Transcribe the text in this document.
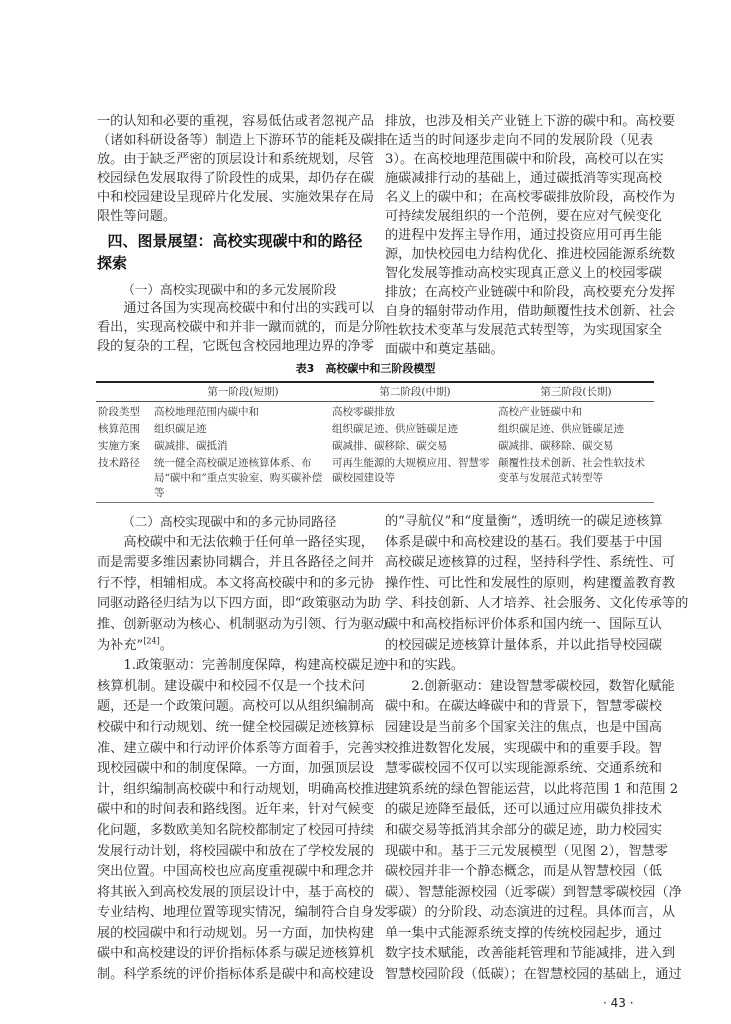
一的认知和必要的重视，容易低估或者忽视产品
（诸如科研设备等）制造上下游环节的能耗及碳排
放。由于缺乏严密的顶层设计和系统规划，尽管
校园绿色发展取得了阶段性的成果，却仍存在碳
中和校园建设呈现碎片化发展、实施效果存在局
限性等问题。
四、图景展望：高校实现碳中和的路径
探索
（一）高校实现碳中和的多元发展阶段
通过各国为实现高校碳中和付出的实践可以
看出，实现高校碳中和并非一蹴而就的，而是分阶
段的复杂的工程，它既包含校园地理边界的净零
排放，也涉及相关产业链上下游的碳中和。高校要
在适当的时间逐步走向不同的发展阶段（见表
3）。在高校地理范围碳中和阶段，高校可以在实
施碳减排行动的基础上，通过碳抵消等实现高校
名义上的碳中和；在高校零碳排放阶段，高校作为
可持续发展组织的一个范例，要在应对气候变化
的进程中发挥主导作用，通过投资应用可再生能
源，加快校园电力结构优化、推进校园能源系统数
智化发展等推动高校实现真正意义上的校园零碳
排放；在高校产业链碳中和阶段，高校要充分发挥
自身的辐射带动作用，借助颠覆性技术创新、社会
性软技术变革与发展范式转型等，为实现国家全
面碳中和奠定基础。
表3　高校碳中和三阶段模型
	第一阶段(短期)	第二阶段(中期)	第三阶段(长期)
阶段类型	高校地理范围内碳中和	高校零碳排放	高校产业链碳中和
核算范围	组织碳足迹	组织碳足迹、供应链碳足迹	组织碳足迹、供应链碳足迹
实施方案	碳减排、碳抵消	碳减排、碳移除、碳交易	碳减排、碳移除、碳交易
技术路径	统一健全高校碳足迹核算体系、布局“碳中和”重点实验室、购买碳补偿等	可再生能源的大规模应用、智慧零碳校园建设等	颠覆性技术创新、社会性软技术变革与发展范式转型等
（二）高校实现碳中和的多元协同路径
高校碳中和无法依赖于任何单一路径实现，
而是需要多维因素协同耦合，并且各路径之间并
行不悖，相辅相成。本文将高校碳中和的多元协
同驱动路径归结为以下四方面，即“政策驱动为助
推、创新驱动为核心、机制驱动为引领、行为驱动
为补充”[24]。
1.政策驱动：完善制度保障，构建高校碳足迹
核算机制。建设碳中和校园不仅是一个技术问
题，还是一个政策问题。高校可以从组织编制高
校碳中和行动规划、统一健全校园碳足迹核算标
准、建立碳中和行动评价体系等方面着手，完善实
现校园碳中和的制度保障。一方面，加强顶层设
计，组织编制高校碳中和行动规划，明确高校推进
碳中和的时间表和路线图。近年来，针对气候变
化问题，多数欧美知名院校都制定了校园可持续
发展行动计划，将校园碳中和放在了学校发展的
突出位置。中国高校也应高度重视碳中和理念并
将其嵌入到高校发展的顶层设计中，基于高校的
专业结构、地理位置等现实情况，编制符合自身发
展的校园碳中和行动规划。另一方面，加快构建
碳中和高校建设的评价指标体系与碳足迹核算机
制。科学系统的评价指标体系是碳中和高校建设
的“寻航仪”和“度量衡”，透明统一的碳足迹核算
体系是碳中和高校建设的基石。我们要基于中国
高校碳足迹核算的过程，坚持科学性、系统性、可
操作性、可比性和发展性的原则，构建覆盖教育教
学、科技创新、人才培养、社会服务、文化传承等的
碳中和高校指标评价体系和国内统一、国际互认
的校园碳足迹核算计量体系，并以此指导校园碳
中和的实践。
2.创新驱动：建设智慧零碳校园，数智化赋能
碳中和。在碳达峰碳中和的背景下，智慧零碳校
园建设是当前多个国家关注的焦点，也是中国高
校推进数智化发展，实现碳中和的重要手段。智
慧零碳校园不仅可以实现能源系统、交通系统和
建筑系统的绿色智能运营，以此将范围 1 和范围 2
的碳足迹降至最低，还可以通过应用碳负排技术
和碳交易等抵消其余部分的碳足迹，助力校园实
现碳中和。基于三元发展模型（见图 2），智慧零
碳校园并非一个静态概念，而是从智慧校园（低
碳）、智慧能源校园（近零碳）到智慧零碳校园（净
零碳）的分阶段、动态演进的过程。具体而言，从
单一集中式能源系统支撑的传统校园起步，通过
数字技术赋能，改善能耗管理和节能减排，进入到
智慧校园阶段（低碳）；在智慧校园的基础上，通过
· 43 ·
